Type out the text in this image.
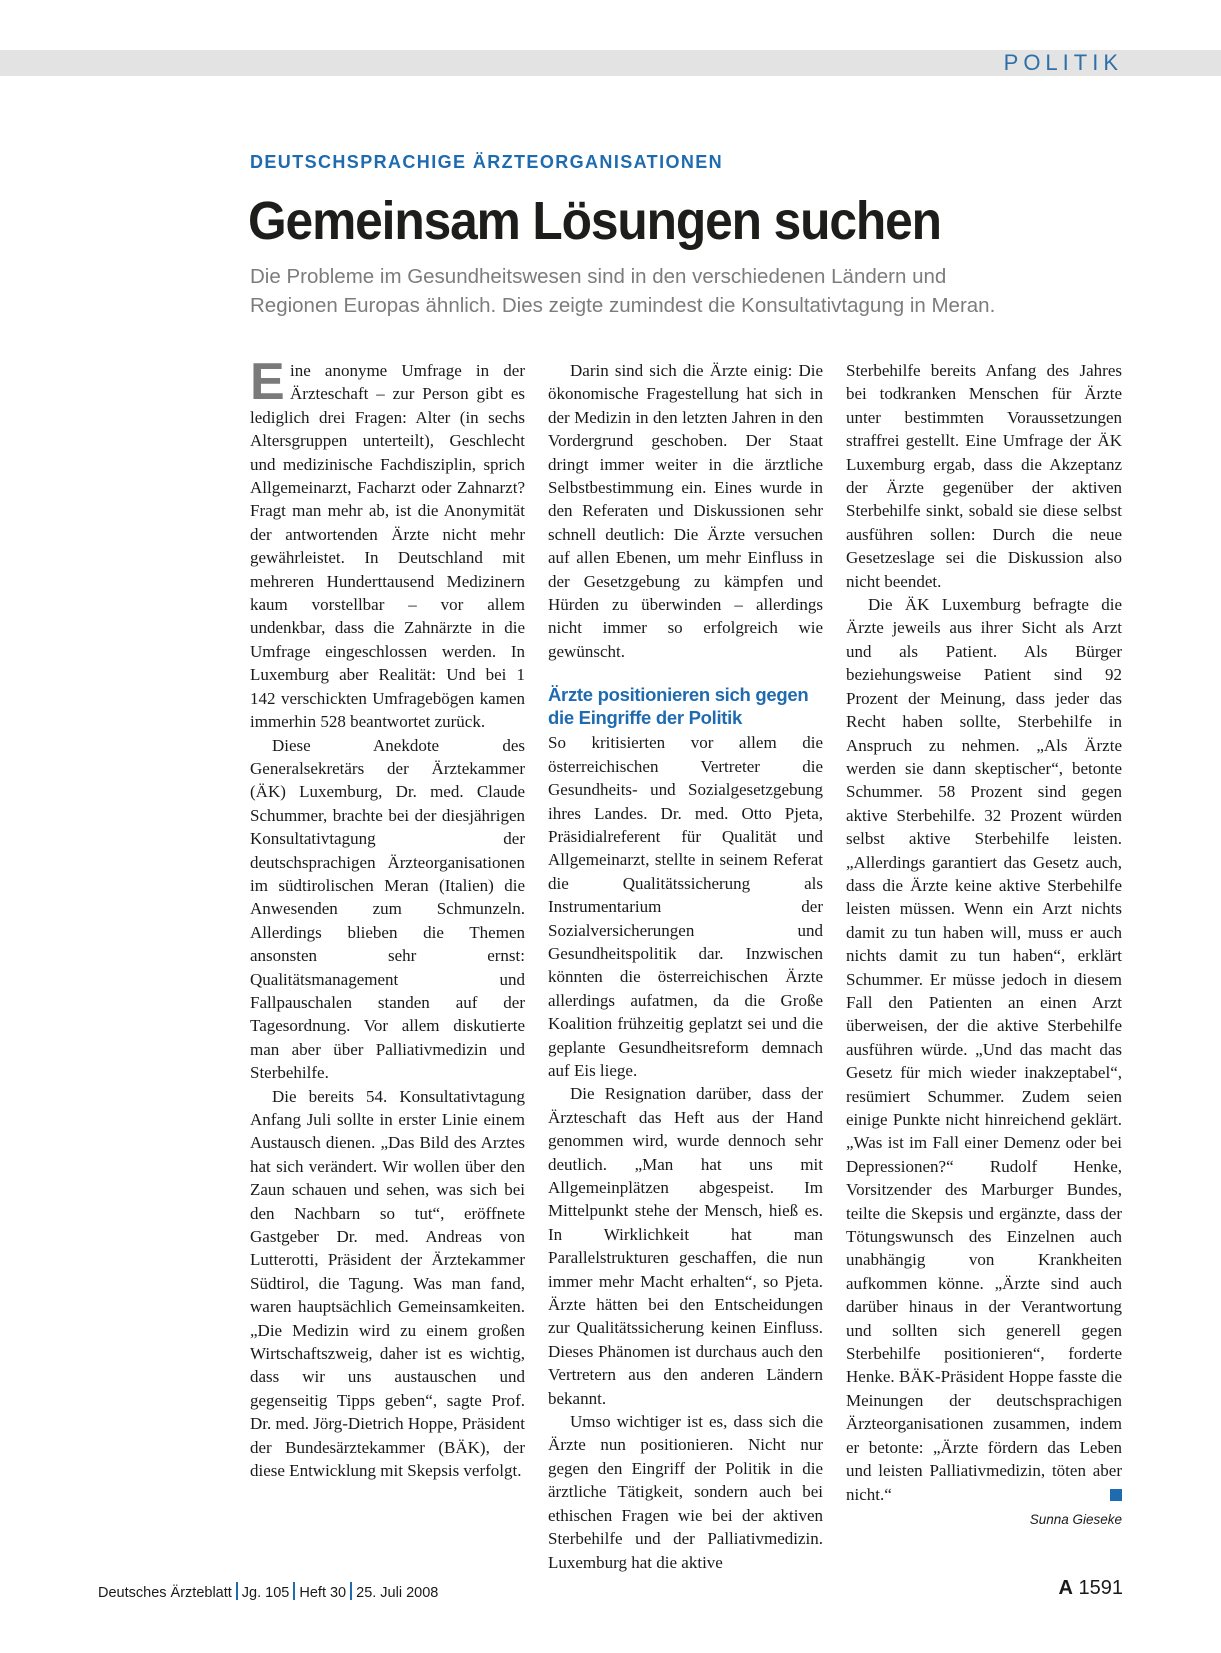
POLITIK
DEUTSCHSPRACHIGE ÄRZTEORGANISATIONEN
Gemeinsam Lösungen suchen
Die Probleme im Gesundheitswesen sind in den verschiedenen Ländern und
Regionen Europas ähnlich. Dies zeigte zumindest die Konsultativtagung in Meran.

Eine anonyme Umfrage in der Ärzteschaft – zur Person gibt es lediglich drei Fragen: Alter (in sechs Altersgruppen unterteilt), Geschlecht und medizinische Fachdisziplin, sprich Allgemeinarzt, Facharzt oder Zahnarzt? Fragt man mehr ab, ist die Anonymität der antwortenden Ärzte nicht mehr gewährleistet. In Deutschland mit mehreren Hunderttausend Medizinern kaum vorstellbar – vor allem undenkbar, dass die Zahnärzte in die Umfrage eingeschlossen werden. In Luxemburg aber Realität: Und bei 1 142 verschickten Umfragebögen kamen immerhin 528 beantwortet zurück.

Diese Anekdote des Generalsekretärs der Ärztekammer (ÄK) Luxemburg, Dr. med. Claude Schummer, brachte bei der diesjährigen Konsultativtagung der deutschsprachigen Ärzteorganisationen im südtirolischen Meran (Italien) die Anwesenden zum Schmunzeln. Allerdings blieben die Themen ansonsten sehr ernst: Qualitätsmanagement und Fallpauschalen standen auf der Tagesordnung. Vor allem diskutierte man aber über Palliativmedizin und Sterbehilfe.

Die bereits 54. Konsultativtagung Anfang Juli sollte in erster Linie einem Austausch dienen. „Das Bild des Arztes hat sich verändert. Wir wollen über den Zaun schauen und sehen, was sich bei den Nachbarn so tut“, eröffnete Gastgeber Dr. med. Andreas von Lutterotti, Präsident der Ärztekammer Südtirol, die Tagung. Was man fand, waren hauptsächlich Gemeinsamkeiten. „Die Medizin wird zu einem großen Wirtschaftszweig, daher ist es wichtig, dass wir uns austauschen und gegenseitig Tipps geben“, sagte Prof. Dr. med. Jörg-Dietrich Hoppe, Präsident der Bundesärztekammer (BÄK), der diese Entwicklung mit Skepsis verfolgt.

Darin sind sich die Ärzte einig: Die ökonomische Fragestellung hat sich in der Medizin in den letzten Jahren in den Vordergrund geschoben. Der Staat dringt immer weiter in die ärztliche Selbstbestimmung ein. Eines wurde in den Referaten und Diskussionen sehr schnell deutlich: Die Ärzte versuchen auf allen Ebenen, um mehr Einfluss in der Gesetzgebung zu kämpfen und Hürden zu überwinden – allerdings nicht immer so erfolgreich wie gewünscht.

Ärzte positionieren sich gegen die Eingriffe der Politik

So kritisierten vor allem die österreichischen Vertreter die Gesundheits- und Sozialgesetzgebung ihres Landes. Dr. med. Otto Pjeta, Präsidialreferent für Qualität und Allgemeinarzt, stellte in seinem Referat die Qualitätssicherung als Instrumentarium der Sozialversicherungen und Gesundheitspolitik dar. Inzwischen könnten die österreichischen Ärzte allerdings aufatmen, da die Große Koalition frühzeitig geplatzt sei und die geplante Gesundheitsreform demnach auf Eis liege.

Die Resignation darüber, dass der Ärzteschaft das Heft aus der Hand genommen wird, wurde dennoch sehr deutlich. „Man hat uns mit Allgemeinplätzen abgespeist. Im Mittelpunkt stehe der Mensch, hieß es. In Wirklichkeit hat man Parallelstrukturen geschaffen, die nun immer mehr Macht erhalten“, so Pjeta. Ärzte hätten bei den Entscheidungen zur Qualitätssicherung keinen Einfluss. Dieses Phänomen ist durchaus auch den Vertretern aus den anderen Ländern bekannt.

Umso wichtiger ist es, dass sich die Ärzte nun positionieren. Nicht nur gegen den Eingriff der Politik in die ärztliche Tätigkeit, sondern auch bei ethischen Fragen wie bei der aktiven Sterbehilfe und der Palliativmedizin. Luxemburg hat die aktive

Sterbehilfe bereits Anfang des Jahres bei todkranken Menschen für Ärzte unter bestimmten Voraussetzungen straffrei gestellt. Eine Umfrage der ÄK Luxemburg ergab, dass die Akzeptanz der Ärzte gegenüber der aktiven Sterbehilfe sinkt, sobald sie diese selbst ausführen sollen: Durch die neue Gesetzeslage sei die Diskussion also nicht beendet.

Die ÄK Luxemburg befragte die Ärzte jeweils aus ihrer Sicht als Arzt und als Patient. Als Bürger beziehungsweise Patient sind 92 Prozent der Meinung, dass jeder das Recht haben sollte, Sterbehilfe in Anspruch zu nehmen. „Als Ärzte werden sie dann skeptischer“, betonte Schummer. 58 Prozent sind gegen aktive Sterbehilfe. 32 Prozent würden selbst aktive Sterbehilfe leisten. „Allerdings garantiert das Gesetz auch, dass die Ärzte keine aktive Sterbehilfe leisten müssen. Wenn ein Arzt nichts damit zu tun haben will, muss er auch nichts damit zu tun haben“, erklärt Schummer. Er müsse jedoch in diesem Fall den Patienten an einen Arzt überweisen, der die aktive Sterbehilfe ausführen würde. „Und das macht das Gesetz für mich wieder inakzeptabel“, resümiert Schummer. Zudem seien einige Punkte nicht hinreichend geklärt. „Was ist im Fall einer Demenz oder bei Depressionen?“ Rudolf Henke, Vorsitzender des Marburger Bundes, teilte die Skepsis und ergänzte, dass der Tötungswunsch des Einzelnen auch unabhängig von Krankheiten aufkommen könne. „Ärzte sind auch darüber hinaus in der Verantwortung und sollten sich generell gegen Sterbehilfe positionieren“, forderte Henke. BÄK-Präsident Hoppe fasste die Meinungen der deutschsprachigen Ärzteorganisationen zusammen, indem er betonte: „Ärzte fördern das Leben und leisten Palliativmedizin, töten aber nicht.“

Sunna Gieseke
Deutsches Ärzteblatt Jg. 105 Heft 30 25. Juli 2008	A 1591
